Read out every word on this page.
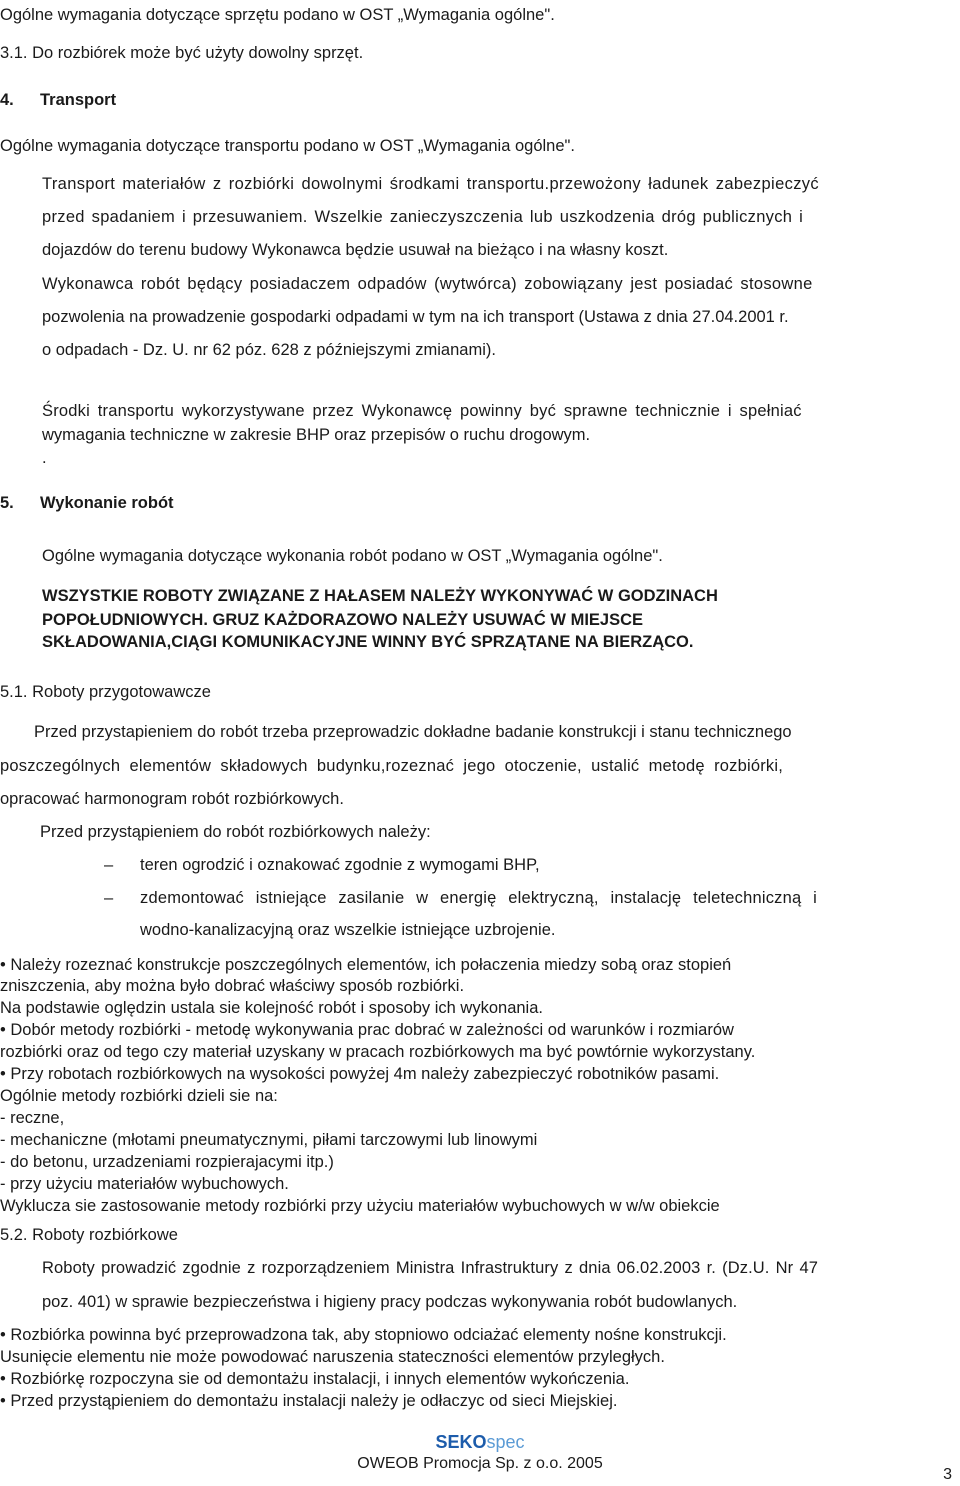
Ogólne wymagania dotyczące sprzętu podano w OST „Wymagania ogólne".
3.1. Do rozbiórek może być użyty dowolny sprzęt.
4. Transport
Ogólne wymagania dotyczące transportu podano w OST „Wymagania ogólne".
Transport materiałów z rozbiórki dowolnymi środkami transportu.przewożony ładunek zabezpieczyć
przed spadaniem i przesuwaniem. Wszelkie zanieczyszczenia lub uszkodzenia dróg publicznych i
dojazdów do terenu budowy Wykonawca będzie usuwał na bieżąco i na własny koszt.
Wykonawca robót będący posiadaczem odpadów (wytwórca) zobowiązany jest posiadać stosowne
pozwolenia na prowadzenie gospodarki odpadami w tym na ich transport (Ustawa z dnia 27.04.2001 r.
o odpadach - Dz. U. nr 62 póz. 628 z późniejszymi zmianami).
Środki transportu wykorzystywane przez Wykonawcę powinny być sprawne technicznie i spełniać
wymagania techniczne w zakresie BHP oraz przepisów o ruchu drogowym.
.
5. Wykonanie robót
Ogólne wymagania dotyczące wykonania robót podano w OST „Wymagania ogólne".
WSZYSTKIE ROBOTY ZWIĄZANE Z HAŁASEM NALEŻY WYKONYWAĆ W GODZINACH
POPOŁUDNIOWYCH. GRUZ KAŻDORAZOWO NALEŻY USUWAĆ W MIEJSCE
SKŁADOWANIA,CIĄGI KOMUNIKACYJNE WINNY BYĆ SPRZĄTANE NA BIERZĄCO.
5.1. Roboty przygotowawcze
Przed przystapieniem do robót trzeba przeprowadzic dokładne badanie konstrukcji i stanu technicznego
poszczególnych elementów składowych budynku,rozeznać jego otoczenie, ustalić metodę rozbiórki,
opracować harmonogram robót rozbiórkowych.
Przed przystąpieniem do robót rozbiórkowych należy:
– teren ogrodzić i oznakować zgodnie z wymogami BHP,
– zdemontować istniejące zasilanie w energię elektryczną, instalację teletechniczną i
wodno-kanalizacyjną oraz wszelkie istniejące uzbrojenie.
• Należy rozeznać konstrukcje poszczególnych elementów, ich połaczenia miedzy sobą oraz stopień
zniszczenia, aby można było dobrać właściwy sposób rozbiórki.
Na podstawie oględzin ustala sie kolejność robót i sposoby ich wykonania.
• Dobór metody rozbiórki - metodę wykonywania prac dobrać w zależności od warunków i rozmiarów
rozbiórki oraz od tego czy materiał uzyskany w pracach rozbiórkowych ma być powtórnie wykorzystany.
• Przy robotach rozbiórkowych na wysokości powyżej 4m należy zabezpieczyć robotników pasami.
Ogólnie metody rozbiórki dzieli sie na:
- reczne,
- mechaniczne (młotami pneumatycznymi, piłami tarczowymi lub linowymi
- do betonu, urzadzeniami rozpierajacymi itp.)
- przy użyciu materiałów wybuchowych.
Wyklucza sie zastosowanie metody rozbiórki przy użyciu materiałów wybuchowych w w/w obiekcie
5.2. Roboty rozbiórkowe
Roboty prowadzić zgodnie z rozporządzeniem Ministra Infrastruktury z dnia 06.02.2003 r. (Dz.U. Nr 47
poz. 401) w sprawie bezpieczeństwa i higieny pracy podczas wykonywania robót budowlanych.
• Rozbiórka powinna być przeprowadzona tak, aby stopniowo odciażać elementy nośne konstrukcji.
Usunięcie elementu nie może powodować naruszenia stateczności elementów przyległych.
• Rozbiórkę rozpoczyna sie od demontażu instalacji, i innych elementów wykończenia.
• Przed przystąpieniem do demontażu instalacji należy je odłaczyc od sieci Miejskiej.
SEKOspec
OWEOB Promocja Sp. z o.o. 2005
3
